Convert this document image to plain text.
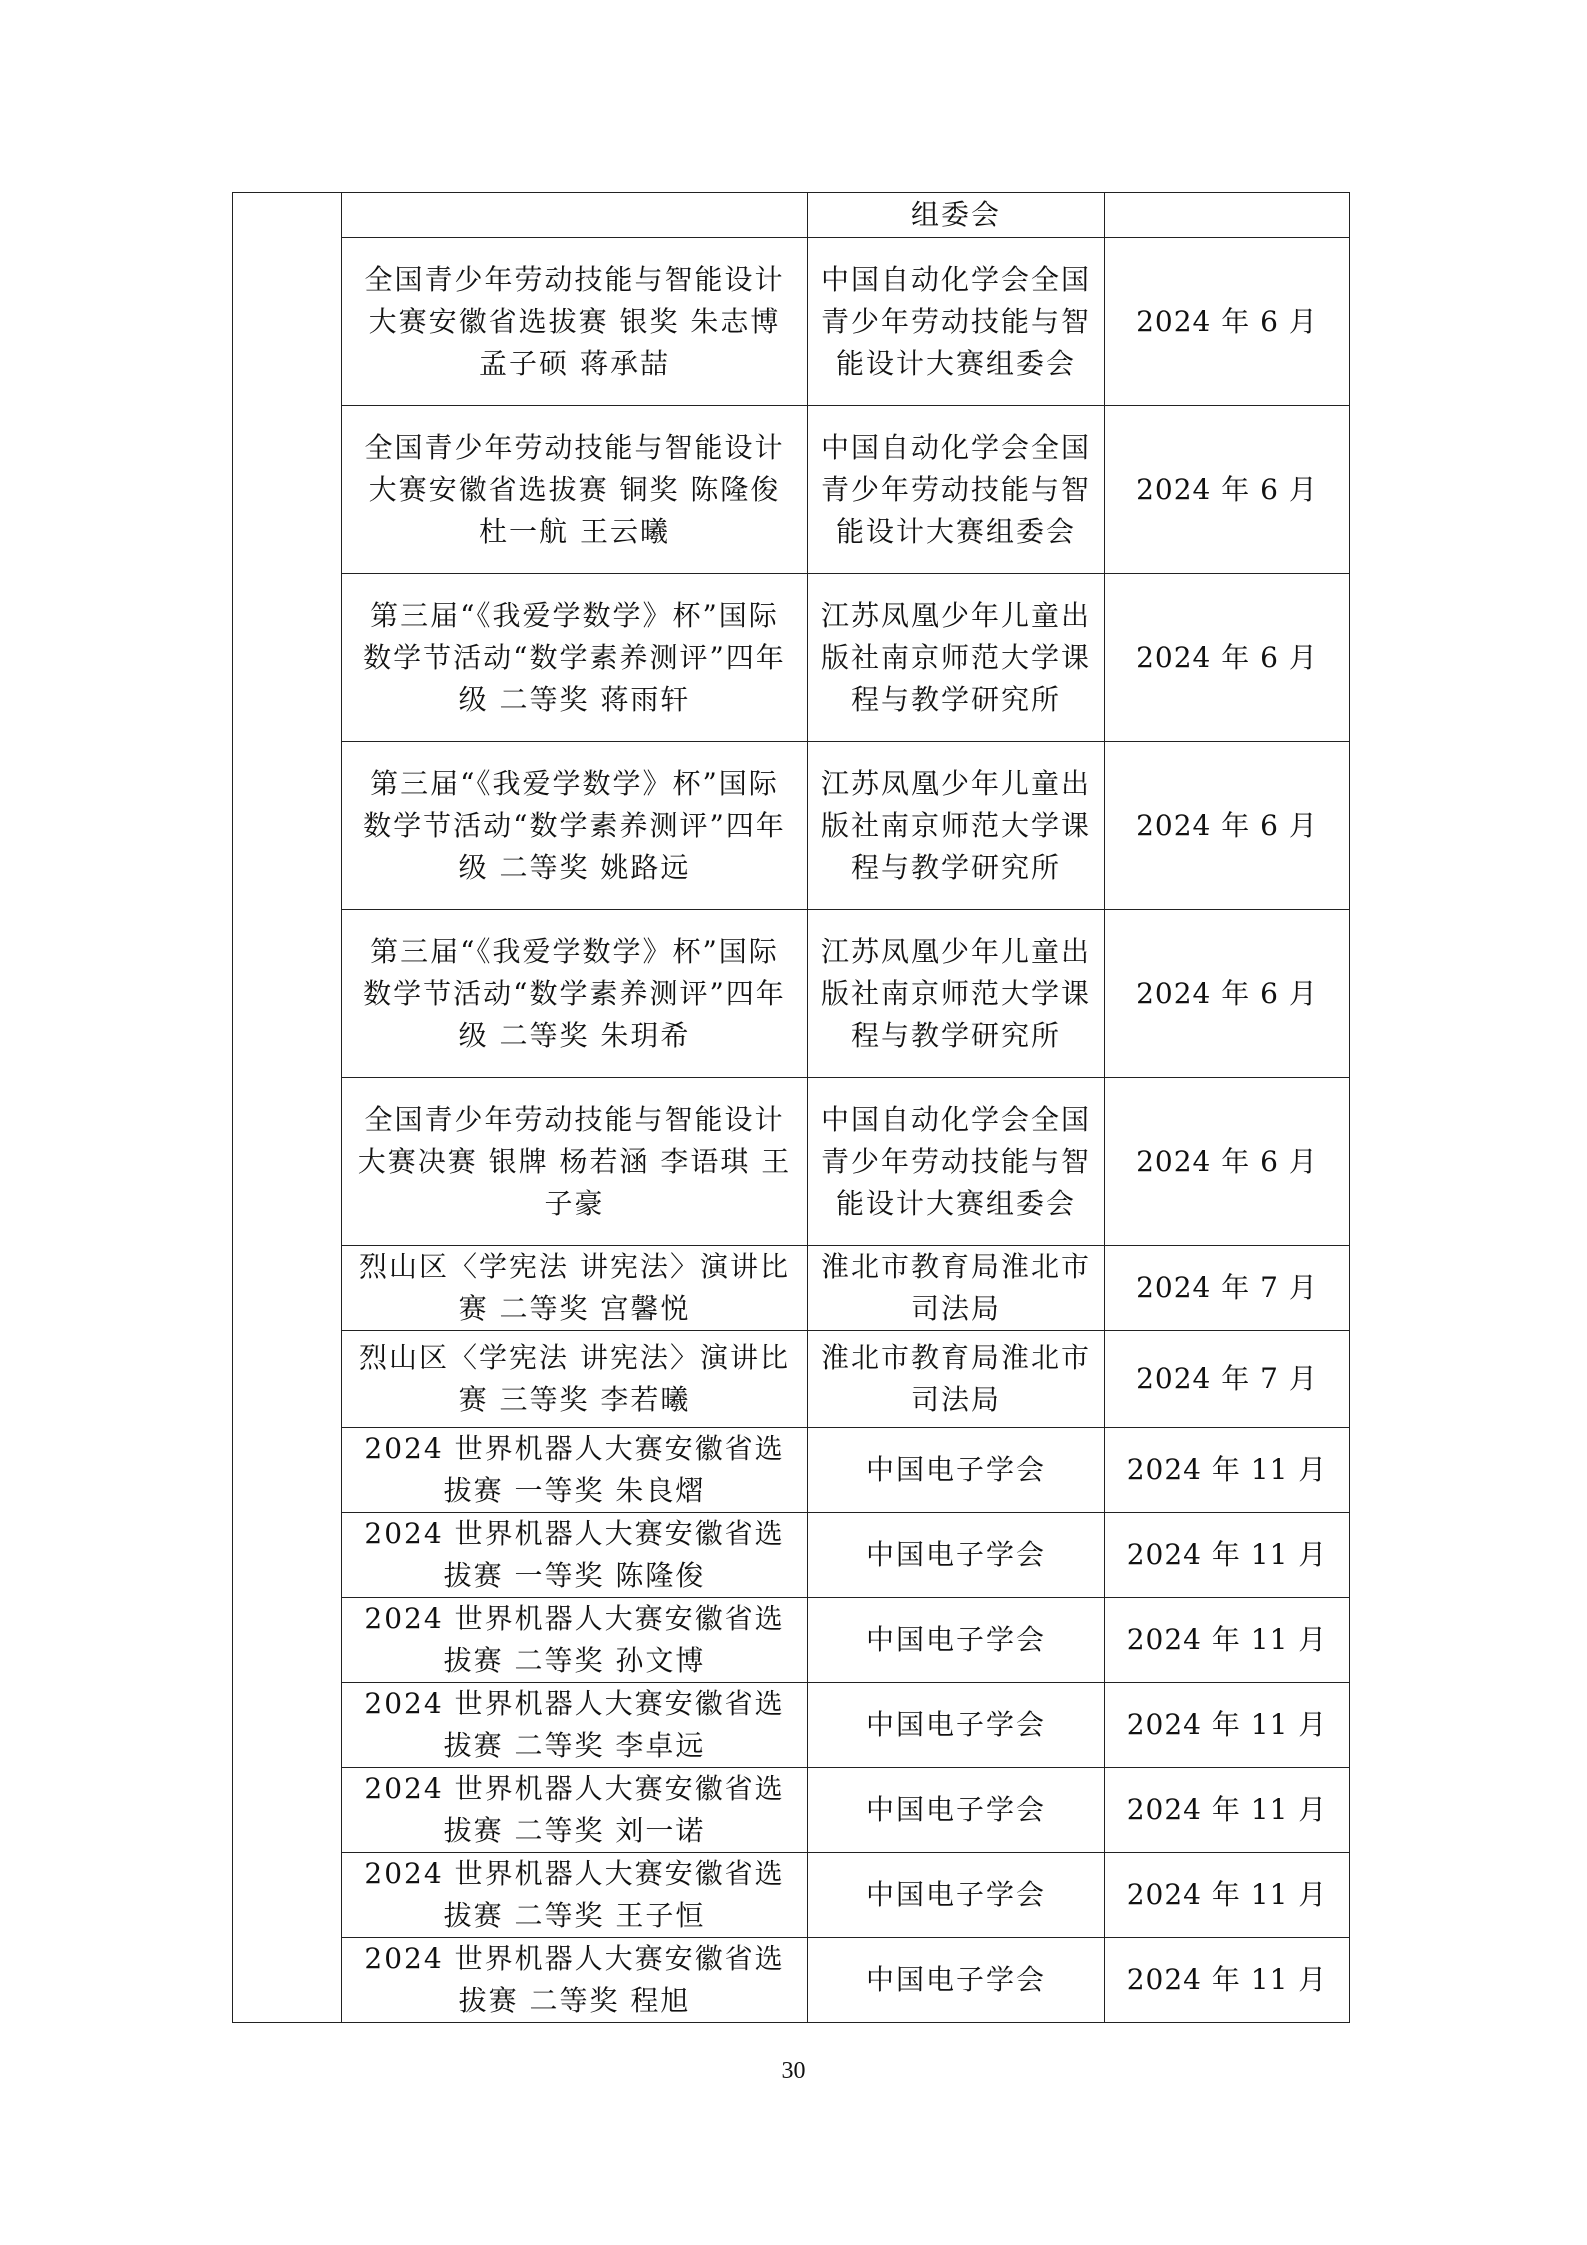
		组委会	
	全国青少年劳动技能与智能设计大赛安徽省选拔赛 银奖 朱志博 孟子硕 蒋承喆	中国自动化学会全国青少年劳动技能与智能设计大赛组委会	2024 年 6 月
	全国青少年劳动技能与智能设计大赛安徽省选拔赛 铜奖 陈隆俊 杜一航 王云曦	中国自动化学会全国青少年劳动技能与智能设计大赛组委会	2024 年 6 月
	第三届“《我爱学数学》杯”国际数学节活动“数学素养测评”四年级 二等奖 蒋雨轩	江苏凤凰少年儿童出版社南京师范大学课程与教学研究所	2024 年 6 月
	第三届“《我爱学数学》杯”国际数学节活动“数学素养测评”四年级 二等奖 姚路远	江苏凤凰少年儿童出版社南京师范大学课程与教学研究所	2024 年 6 月
	第三届“《我爱学数学》杯”国际数学节活动“数学素养测评”四年级 二等奖 朱玥希	江苏凤凰少年儿童出版社南京师范大学课程与教学研究所	2024 年 6 月
	全国青少年劳动技能与智能设计大赛决赛 银牌 杨若涵 李语琪 王子豪	中国自动化学会全国青少年劳动技能与智能设计大赛组委会	2024 年 6 月
	烈山区〈学宪法 讲宪法〉演讲比赛 二等奖 宫馨悦	淮北市教育局淮北市司法局	2024 年 7 月
	烈山区〈学宪法 讲宪法〉演讲比赛 三等奖 李若曦	淮北市教育局淮北市司法局	2024 年 7 月
	2024 世界机器人大赛安徽省选拔赛 一等奖 朱良熠	中国电子学会	2024 年 11 月
	2024 世界机器人大赛安徽省选拔赛 一等奖 陈隆俊	中国电子学会	2024 年 11 月
	2024 世界机器人大赛安徽省选拔赛 二等奖 孙文博	中国电子学会	2024 年 11 月
	2024 世界机器人大赛安徽省选拔赛 二等奖 李卓远	中国电子学会	2024 年 11 月
	2024 世界机器人大赛安徽省选拔赛 二等奖 刘一诺	中国电子学会	2024 年 11 月
	2024 世界机器人大赛安徽省选拔赛 二等奖 王子恒	中国电子学会	2024 年 11 月
	2024 世界机器人大赛安徽省选拔赛 二等奖 程旭	中国电子学会	2024 年 11 月
30
